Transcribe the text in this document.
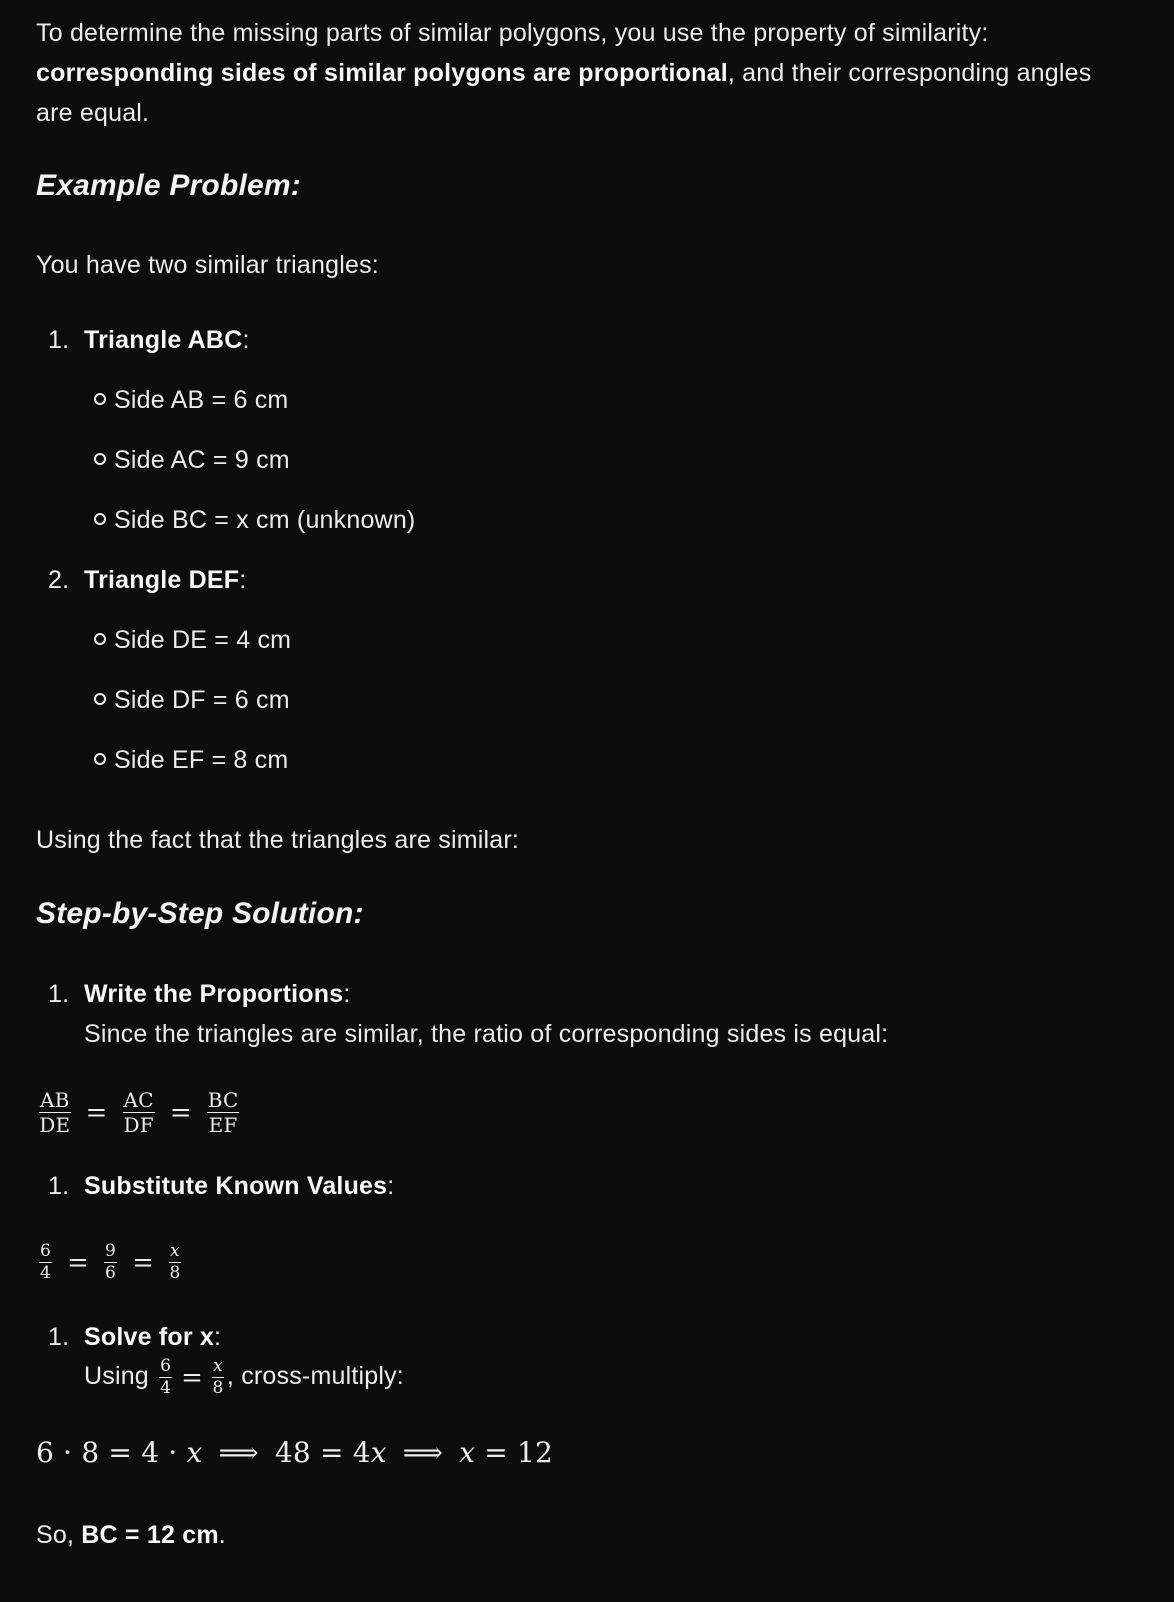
To determine the missing parts of similar polygons, you use the property of similarity:
corresponding sides of similar polygons are proportional, and their corresponding angles
are equal.
Example Problem:
You have two similar triangles:
1. Triangle ABC:
Side AB = 6 cm
Side AC = 9 cm
Side BC = x cm (unknown)
2. Triangle DEF:
Side DE = 4 cm
Side DF = 6 cm
Side EF = 8 cm
Using the fact that the triangles are similar:
Step-by-Step Solution:
1. Write the Proportions:
Since the triangles are similar, the ratio of corresponding sides is equal:
$\frac{AB}{DE} = \frac{AC}{DF} = \frac{BC}{EF}$
1. Substitute Known Values:
$\frac{6}{4} = \frac{9}{6} = \frac{x}{8}$
1. Solve for x:
Using $\frac{6}{4} = \frac{x}{8}$ , cross-multiply:
6 · 8 = 4 · x ⟹ 48 = 4x ⟹ x = 12
So, BC = 12 cm.
